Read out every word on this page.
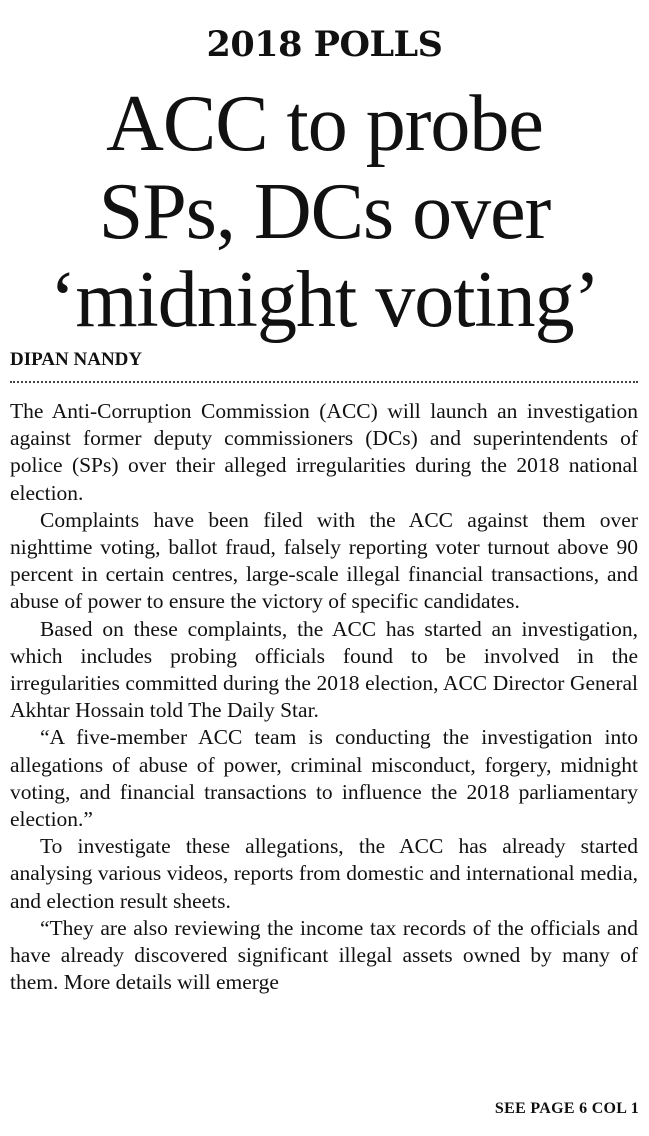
2018 POLLS
ACC to probe
SPs, DCs over
‘midnight voting’
DIPAN NANDY

The Anti-Corruption Commission (ACC) will launch an investigation against former deputy commissioners (DCs) and superintendents of police (SPs) over their alleged irregularities during the 2018 national election.

Complaints have been filed with the ACC against them over nighttime voting, ballot fraud, falsely reporting voter turnout above 90 percent in certain centres, large-scale illegal financial transactions, and abuse of power to ensure the victory of specific candidates.

Based on these complaints, the ACC has started an investigation, which includes probing officials found to be involved in the irregularities committed during the 2018 election, ACC Director General Akhtar Hossain told The Daily Star.

“A five-member ACC team is conducting the investigation into allegations of abuse of power, criminal misconduct, forgery, midnight voting, and financial transactions to influence the 2018 parliamentary election.”

To investigate these allegations, the ACC has already started analysing various videos, reports from domestic and international media, and election result sheets.

“They are also reviewing the income tax records of the officials and have already discovered significant illegal assets owned by many of them. More details will emerge

SEE PAGE 6 COL 1
